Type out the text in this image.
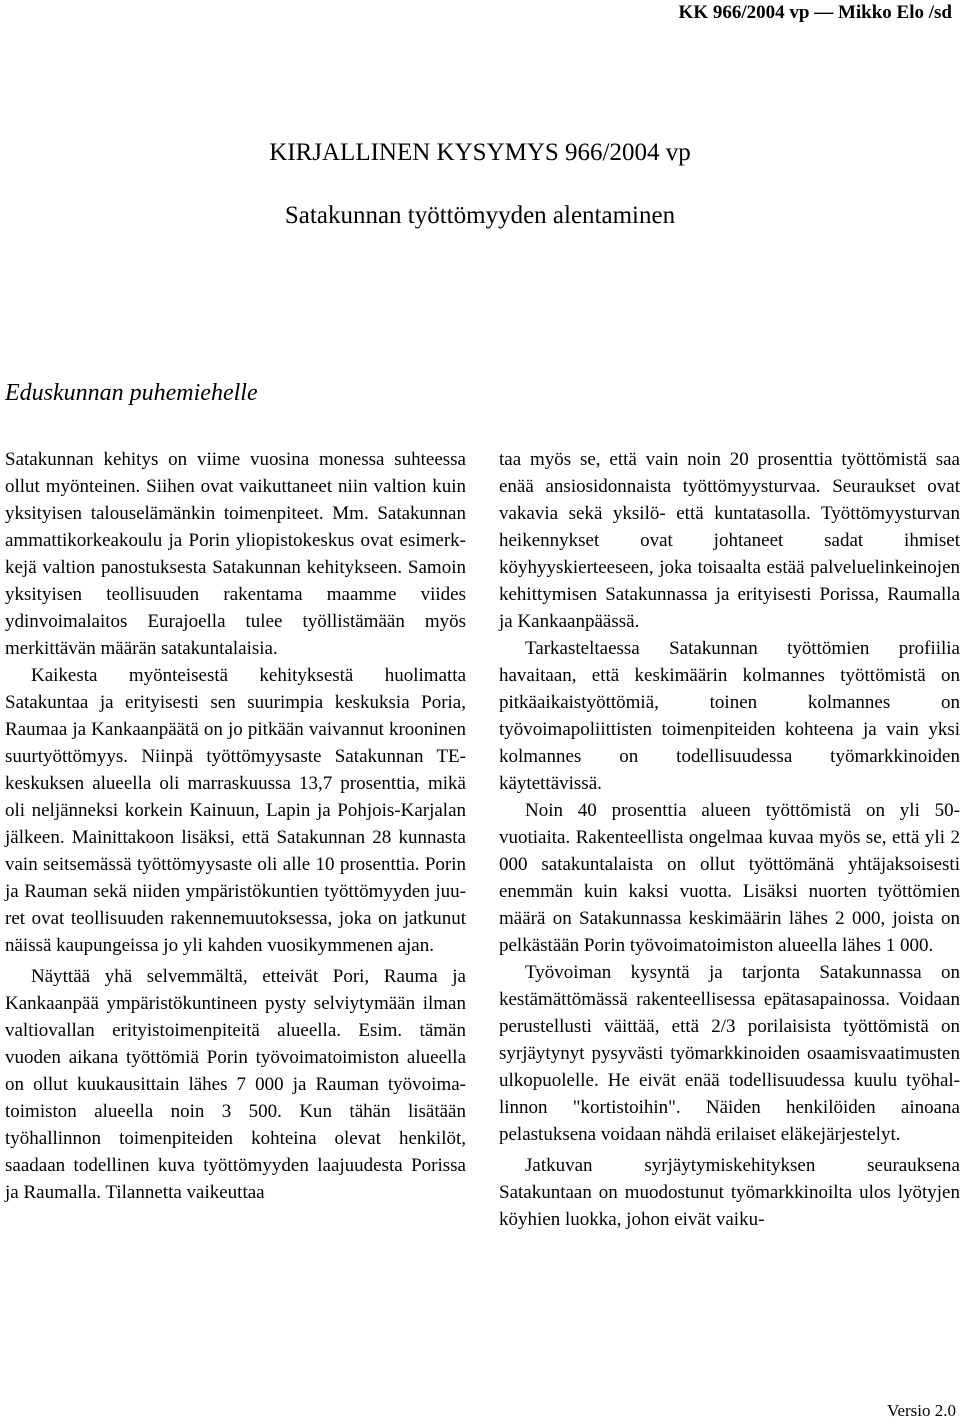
KK 966/2004 vp — Mikko Elo /sd
KIRJALLINEN KYSYMYS 966/2004 vp
Satakunnan työttömyyden alentaminen
Eduskunnan puhemiehelle

Satakunnan kehitys on viime vuosina monessa suhteessa ollut myönteinen. Siihen ovat vaikuttaneet niin valtion kuin yksityisen talouselämänkin toimenpiteet. Mm. Satakunnan ammattikorkeakoulu ja Porin yliopistokeskus ovat esimerkkejä valtion panostuksesta Satakunnan kehitykseen. Samoin yksityisen teollisuuden rakentama maamme viides ydinvoimalaitos Eurajoella tulee työllistämään myös merkittävän määrän satakuntalaisia.

Kaikesta myönteisestä kehityksestä huolimatta Satakuntaa ja erityisesti sen suurimpia keskuksia Poria, Raumaa ja Kankaanpäätä on jo pitkään vaivannut krooninen suurtyöttömyys. Niinpä työttömyysaste Satakunnan TE-keskuksen alueella oli marraskuussa 13,7 prosenttia, mikä oli neljänneksi korkein Kainuun, Lapin ja Pohjois-Karjalan jälkeen. Mainittakoon lisäksi, että Satakunnan 28 kunnasta vain seitsemässä työttömyysaste oli alle 10 prosenttia. Porin ja Rauman sekä niiden ympäristökuntien työttömyyden juuret ovat teollisuuden rakennemuutoksessa, joka on jatkunut näissä kaupungeissa jo yli kahden vuosikymmenen ajan.

Näyttää yhä selvemmältä, etteivät Pori, Rauma ja Kankaanpää ympäristökuntineen pysty selviytymään ilman valtiovallan erityistoimenpiteitä alueella. Esim. tämän vuoden aikana työttömiä Porin työvoimatoimiston alueella on ollut kuukausittain lähes 7 000 ja Rauman työvoimatoimiston alueella noin 3 500. Kun tähän lisätään työhallinnon toimenpiteiden kohteina olevat henkilöt, saadaan todellinen kuva työttömyyden laajuudesta Porissa ja Raumalla. Tilannetta vaikeuttaa

taa myös se, että vain noin 20 prosenttia työttömistä saa enää ansiosidonnaista työttömyysturvaa. Seuraukset ovat vakavia sekä yksilö- että kuntatasolla. Työttömyysturvan heikennykset ovat johtaneet sadat ihmiset köyhyyskierteeseen, joka toisaalta estää palveluelinkeinojen kehittymisen Satakunnassa ja erityisesti Porissa, Raumalla ja Kankaanpäässä.

Tarkasteltaessa Satakunnan työttömien profiilia havaitaan, että keskimäärin kolmannes työttömistä on pitkäaikaistyöttömiä, toinen kolmannes on työvoimapoliittisten toimenpiteiden kohteena ja vain yksi kolmannes on todellisuudessa työmarkkinoiden käytettävissä.

Noin 40 prosenttia alueen työttömistä on yli 50-vuotiaita. Rakenteellista ongelmaa kuvaa myös se, että yli 2 000 satakuntalaista on ollut työttömänä yhtäjaksoisesti enemmän kuin kaksi vuotta. Lisäksi nuorten työttömien määrä on Satakunnassa keskimäärin lähes 2 000, joista on pelkästään Porin työvoimatoimiston alueella lähes 1 000.

Työvoiman kysyntä ja tarjonta Satakunnassa on kestämättömässä rakenteellisessa epätasapainossa. Voidaan perustellusti väittää, että 2/3 porilaisista työttömistä on syrjäytynyt pysyvästi työmarkkinoiden osaamisvaatimusten ulkopuolelle. He eivät enää todellisuudessa kuulu työhallinnon "kortistoihin". Näiden henkilöiden ainoana pelastuksena voidaan nähdä erilaiset eläkejärjestelyt.

Jatkuvan syrjäytymiskehityksen seurauksena Satakuntaan on muodostunut työmarkkinoilta ulos lyötyjen köyhien luokka, johon eivät vaiku-

Versio 2.0
